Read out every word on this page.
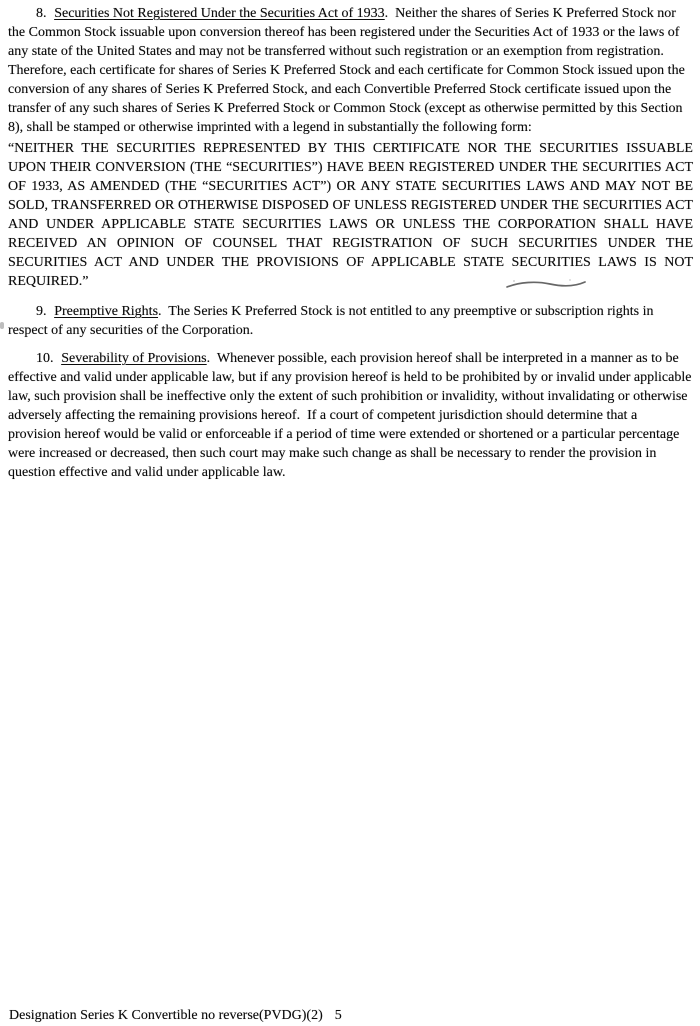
8. Securities Not Registered Under the Securities Act of 1933.  Neither the shares of Series K Preferred Stock nor the Common Stock issuable upon conversion thereof has been registered under the Securities Act of 1933 or the laws of any state of the United States and may not be transferred without such registration or an exemption from registration.  Therefore, each certificate for shares of Series K Preferred Stock and each certificate for Common Stock issued upon the conversion of any shares of Series K Preferred Stock, and each Convertible Preferred Stock certificate issued upon the transfer of any such shares of Series K Preferred Stock or Common Stock (except as otherwise permitted by this Section 8), shall be stamped or otherwise imprinted with a legend in substantially the following form:

“NEITHER THE SECURITIES REPRESENTED BY THIS CERTIFICATE NOR THE SECURITIES ISSUABLE UPON THEIR CONVERSION (THE “SECURITIES”) HAVE BEEN REGISTERED UNDER THE SECURITIES ACT OF 1933, AS AMENDED (THE “SECURITIES ACT”) OR ANY STATE SECURITIES LAWS AND MAY NOT BE SOLD, TRANSFERRED OR OTHERWISE DISPOSED OF UNLESS REGISTERED UNDER THE SECURITIES ACT AND UNDER APPLICABLE STATE SECURITIES LAWS OR UNLESS THE CORPORATION SHALL HAVE RECEIVED AN OPINION OF COUNSEL THAT REGISTRATION OF SUCH SECURITIES UNDER THE SECURITIES ACT AND UNDER THE PROVISIONS OF APPLICABLE STATE SECURITIES LAWS IS NOT REQUIRED.”

9. Preemptive Rights.  The Series K Preferred Stock is not entitled to any preemptive or subscription rights in respect of any securities of the Corporation.

10. Severability of Provisions.  Whenever possible, each provision hereof shall be interpreted in a manner as to be effective and valid under applicable law, but if any provision hereof is held to be prohibited by or invalid under applicable law, such provision shall be ineffective only the extent of such prohibition or invalidity, without invalidating or otherwise adversely affecting the remaining provisions hereof.  If a court of competent jurisdiction should determine that a provision hereof would be valid or enforceable if a period of time were extended or shortened or a particular percentage were increased or decreased, then such court may make such change as shall be necessary to render the provision in question effective and valid under applicable law.

Designation Series K Convertible no reverse(PVDG)(2) 5
